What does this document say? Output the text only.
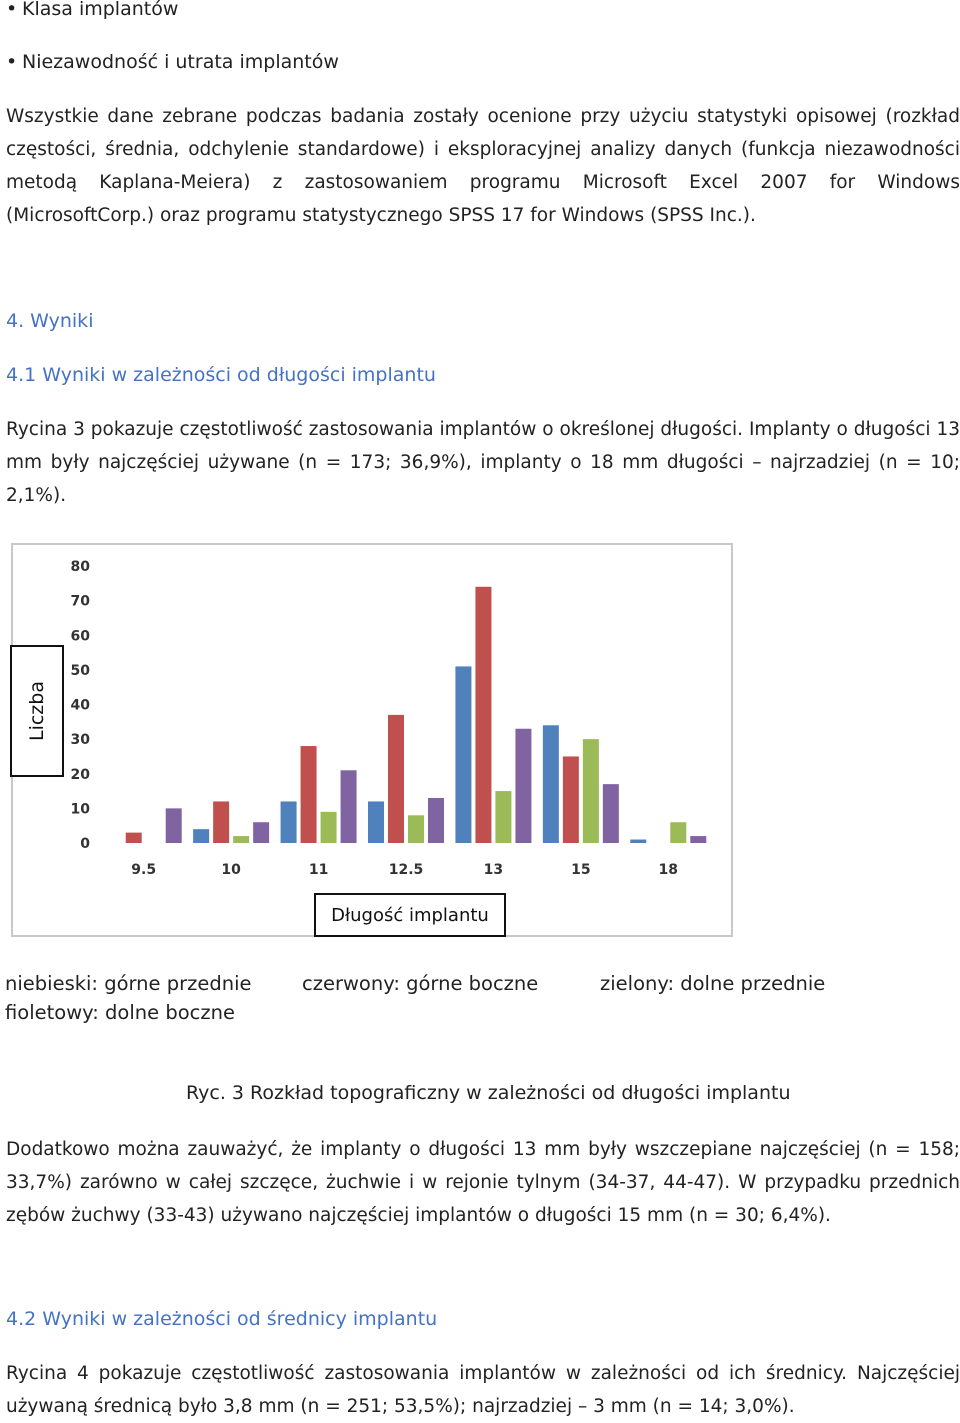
• Klasa implantów
• Niezawodność i utrata implantów
Wszystkie dane zebrane podczas badania zostały ocenione przy użyciu statystyki opisowej (rozkład częstości, średnia, odchylenie standardowe) i eksploracyjnej analizy danych (funkcja niezawodności metodą Kaplana-Meiera) z zastosowaniem programu Microsoft Excel 2007 for Windows (MicrosoftCorp.) oraz programu statystycznego SPSS 17 for Windows (SPSS Inc.).
4. Wyniki
4.1 Wyniki w zależności od długości implantu
Rycina 3 pokazuje częstotliwość zastosowania implantów o określonej długości. Implanty o długości 13 mm były najczęściej używane (n = 173; 36,9%), implanty o 18 mm długości – najrzadziej (n = 10; 2,1%).
0
10
20
30
40
50
60
70
80
9.5	10	11	12.5	13	15	18
Liczba
Długość implantu
niebieski: górne przednie	czerwony: górne boczne	zielony: dolne przednie
fioletowy: dolne boczne
Ryc. 3 Rozkład topograficzny w zależności od długości implantu
Dodatkowo można zauważyć, że implanty o długości 13 mm były wszczepiane najczęściej (n = 158; 33,7%) zarówno w całej szczęce, żuchwie i w rejonie tylnym (34-37, 44-47). W przypadku przednich zębów żuchwy (33-43) używano najczęściej implantów o długości 15 mm (n = 30; 6,4%).
4.2 Wyniki w zależności od średnicy implantu
Rycina 4 pokazuje częstotliwość zastosowania implantów w zależności od ich średnicy. Najczęściej używaną średnicą było 3,8 mm (n = 251; 53,5%); najrzadziej – 3 mm (n = 14; 3,0%).
